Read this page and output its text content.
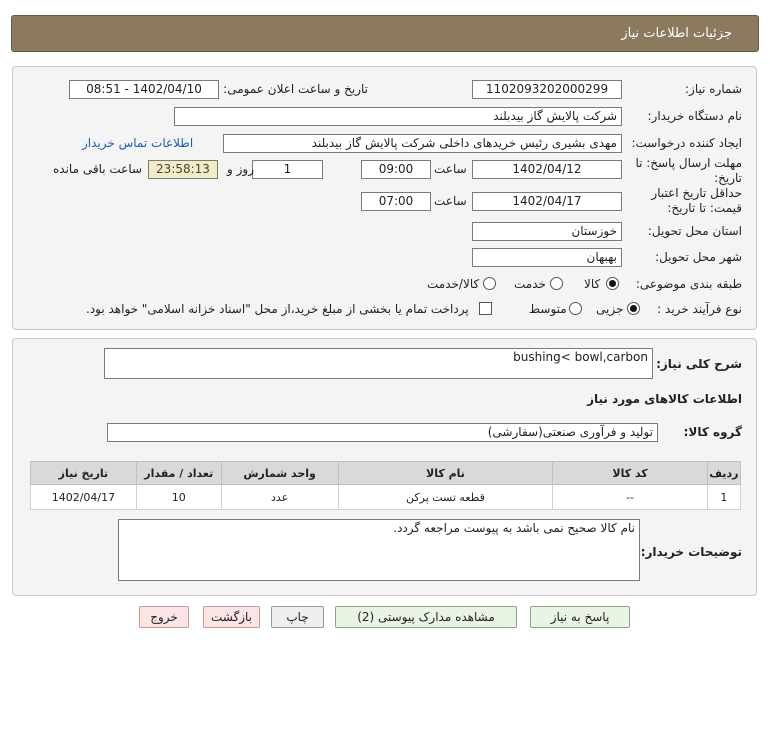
جزئیات اطلاعات نیاز
شماره نیاز:
1102093202000299
تاریخ و ساعت اعلان عمومی:
1402/04/10 - 08:51
نام دستگاه خریدار:
شرکت پالایش گاز بیدبلند
ایجاد کننده درخواست:
مهدی بشیری رئیس خریدهای داخلی شرکت پالایش گاز بیدبلند
اطلاعات تماس خریدار
مهلت ارسال پاسخ: تا تاریخ:
1402/04/12
ساعت
09:00
1
روز و
23:58:13
ساعت باقی مانده
حداقل تاریخ اعتبار قیمت: تا تاریخ:
1402/04/17
ساعت
07:00
استان محل تحویل:
خوزستان
شهر محل تحویل:
بهبهان
طبقه بندی موضوعی:
کالا
خدمت
کالا/خدمت
نوع فرآیند خرید :
جزیی
متوسط
پرداخت تمام یا بخشی از مبلغ خرید،از محل "اسناد خزانه اسلامی" خواهد بود.
شرح کلی نیاز:
bushing< bowl,carbon
اطلاعات کالاهای مورد نیاز
گروه کالا:
تولید و فرآوری صنعتی(سفارشی)
ردیف	کد کالا	نام کالا	واحد شمارش	تعداد / مقدار	تاریخ نیاز
1	--	قطعه تست پرکن	عدد	10	1402/04/17
توضیحات خریدار:
نام کالا صحیح نمی باشد به پیوست مراجعه گردد.
پاسخ به نیاز
مشاهده مدارک پیوستی (2)
چاپ
بازگشت
خروج
